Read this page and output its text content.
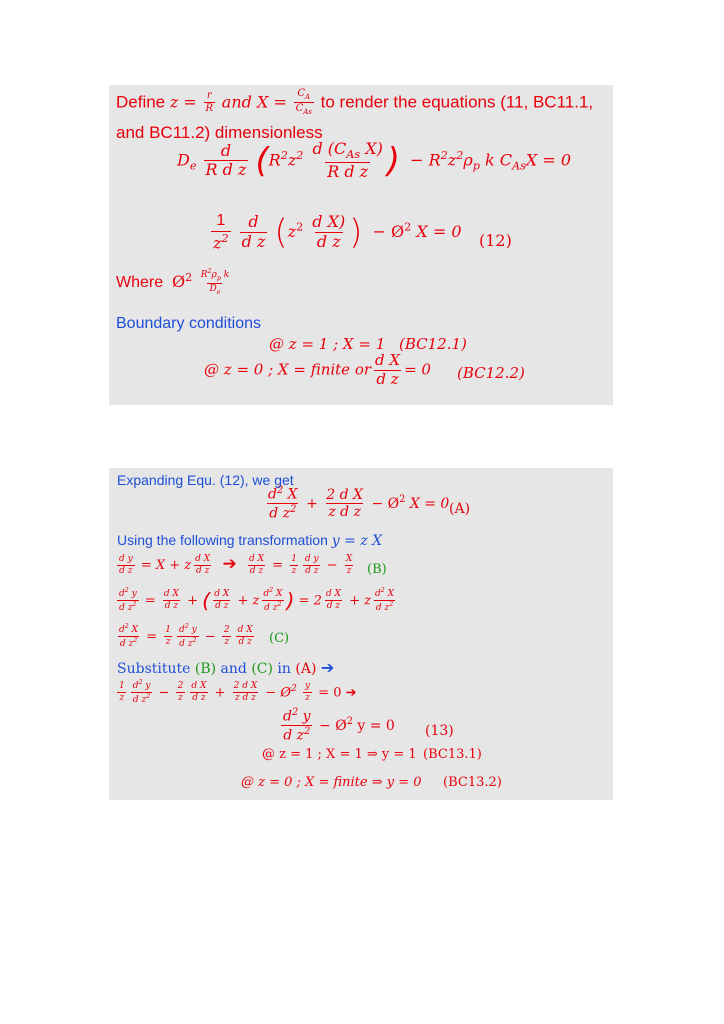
Define $z = \frac{r}{R}$ and $X = \frac{C_A}{C_{As}}$ to render the equations (11, BC11.1,
and BC11.2) dimensionless
$D_e \frac{d}{\text{R d z}} (R^2z^2 \frac{d (C_{As} X)}{\text{R d z}}$ ) − $R^2z^2\rho_p$ k $C_{As}X = 0$
$\frac{1}{z^2}$
$\frac{d}{\text{d z}} (z^2 \frac{\text{d X)}}{\text{d z}}$ ) − $Ø^2$ X = 0 (12)
Where $Ø^2 \frac{R^2\rho_p k}{D_e}$
Boundary conditions
@ z = 1 ; X = 1 (BC12.1)
@ z = 0 ; X = finite or $\frac{\text{d X}}{\text{d z}} = 0$ (BC12.2)
Expanding Equ. (12), we get
$\frac{d^2 X}{d z^2} + \frac{\text{2 d X}}{\text{z d z}}$ − $Ø^2$ X = 0 (A)
Using the following transformation y = z X
$\frac{\text{d y}}{\text{d z}} = X + z \frac{\text{d X}}{\text{d z}}$ ➔ $\frac{\text{d X}}{\text{d z}} = \frac{1}{z} \frac{\text{d y}}{\text{d z}} - \frac{X}{z} (B)$
$\frac{d^2 y}{d z^2} = \frac{\text{d X}}{\text{d z}}$ + ( $\frac{\text{d X}}{\text{d z}} + z \frac{d^2 X}{d z^2}$ ) = $2 \frac{\text{d X}}{\text{d z}} + z \frac{d^2 X}{d z^2}$
$\frac{d^2 X}{d z^2} = \frac{1}{z} \frac{d^2 y}{d z^2} - \frac{2}{z} \frac{\text{d X}}{\text{d z}} (C)$
Substitute (B) and (C) in (A) ➔
$\frac{1}{z} \frac{d^2 y}{d z^2} - \frac{2}{z} \frac{\text{d X}}{\text{d z}} + \frac{\text{2 d X}}{\text{z d z}}$ − $Ø^2 \frac{y}{z} = 0$ ➔
$\frac{d^2 y}{d z^2}$ − $Ø^2$ y = 0 (13)
@ z = 1 ; X = 1 ⇒ y = 1 (BC13.1)
@ z = 0 ; X = finite ⇒ y = 0 (BC13.2)
